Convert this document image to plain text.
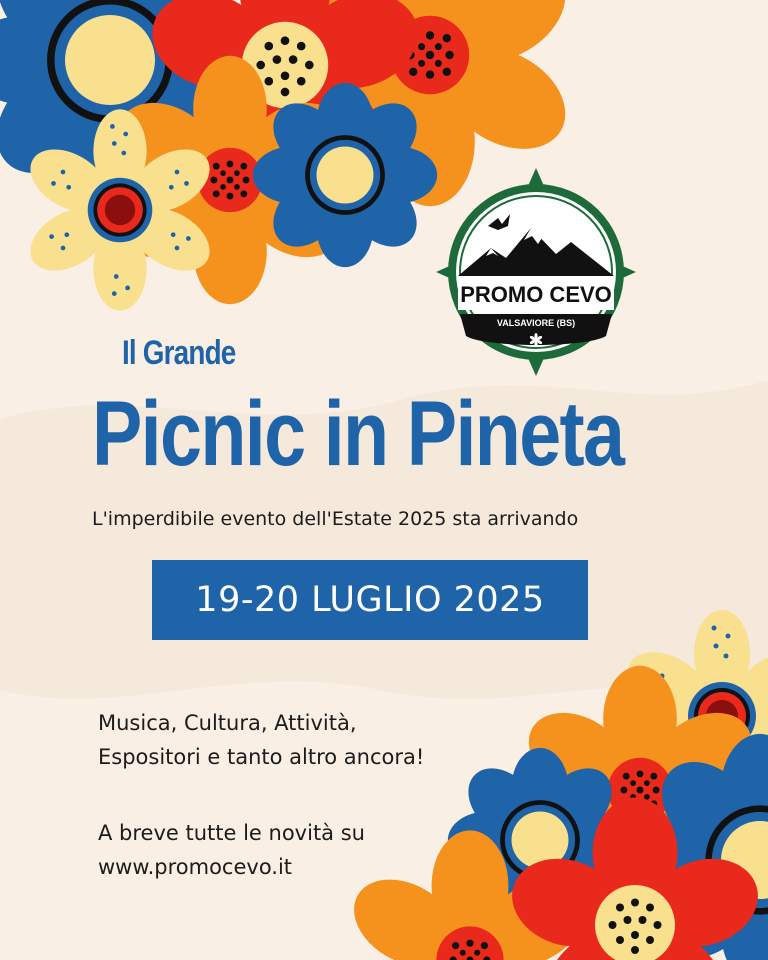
PROMO CEVO
VALSAVIORE (BS)
Il Grande
Picnic in Pineta
L'imperdibile evento dell'Estate 2025 sta arrivando
19-20 LUGLIO 2025
Musica, Cultura, Attività,
Espositori e tanto altro ancora!
A breve tutte le novità su
www.promocevo.it
